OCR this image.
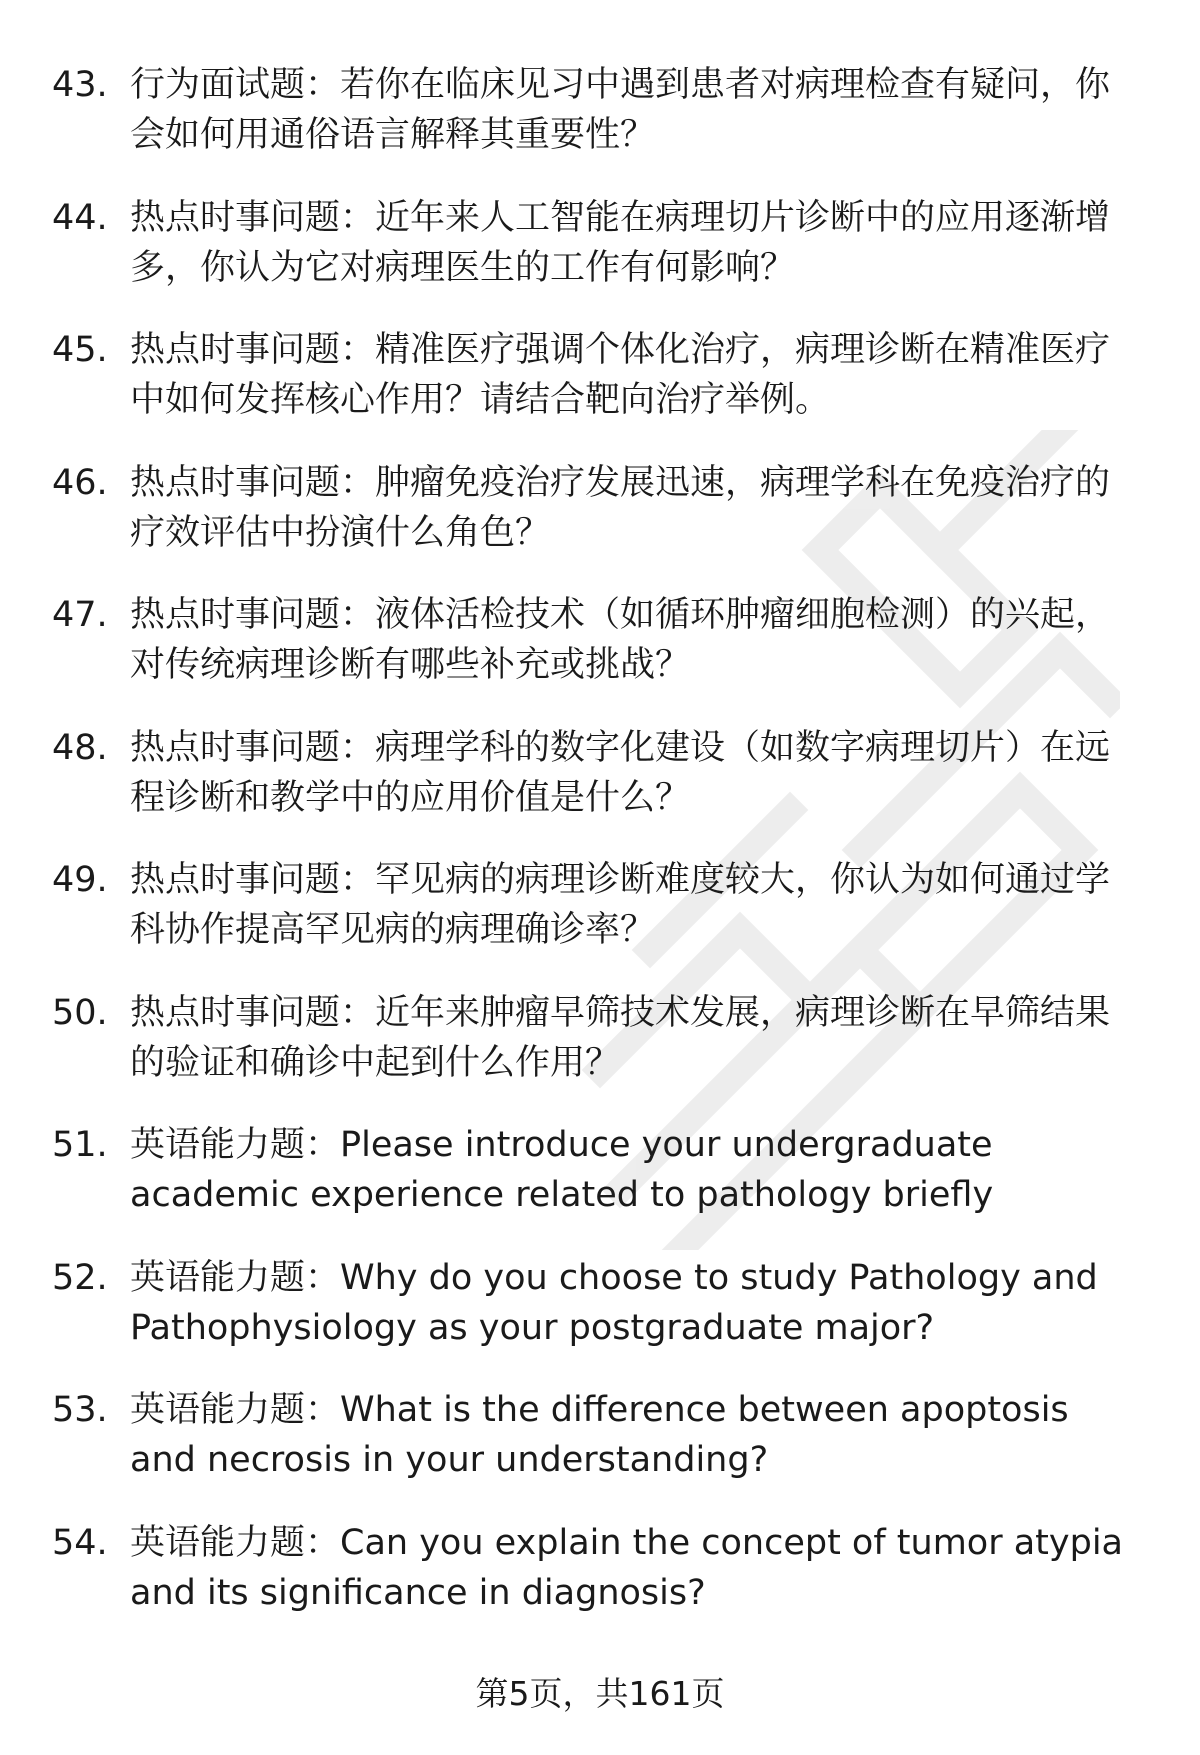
43. 行为面试题：若你在临床见习中遇到患者对病理检查有疑问，你会如何用通俗语言解释其重要性？
44. 热点时事问题：近年来人工智能在病理切片诊断中的应用逐渐增多，你认为它对病理医生的工作有何影响？
45. 热点时事问题：精准医疗强调个体化治疗，病理诊断在精准医疗中如何发挥核心作用？请结合靶向治疗举例。
46. 热点时事问题：肿瘤免疫治疗发展迅速，病理学科在免疫治疗的疗效评估中扮演什么角色？
47. 热点时事问题：液体活检技术（如循环肿瘤细胞检测）的兴起，对传统病理诊断有哪些补充或挑战？
48. 热点时事问题：病理学科的数字化建设（如数字病理切片）在远程诊断和教学中的应用价值是什么？
49. 热点时事问题：罕见病的病理诊断难度较大，你认为如何通过学科协作提高罕见病的病理确诊率？
50. 热点时事问题：近年来肿瘤早筛技术发展，病理诊断在早筛结果的验证和确诊中起到什么作用？
51. 英语能力题：Please introduce your undergraduate academic experience related to pathology briefly
52. 英语能力题：Why do you choose to study Pathology and Pathophysiology as your postgraduate major?
53. 英语能力题：What is the difference between apoptosis and necrosis in your understanding?
54. 英语能力题：Can you explain the concept of tumor atypia and its significance in diagnosis?
第5页，共161页
